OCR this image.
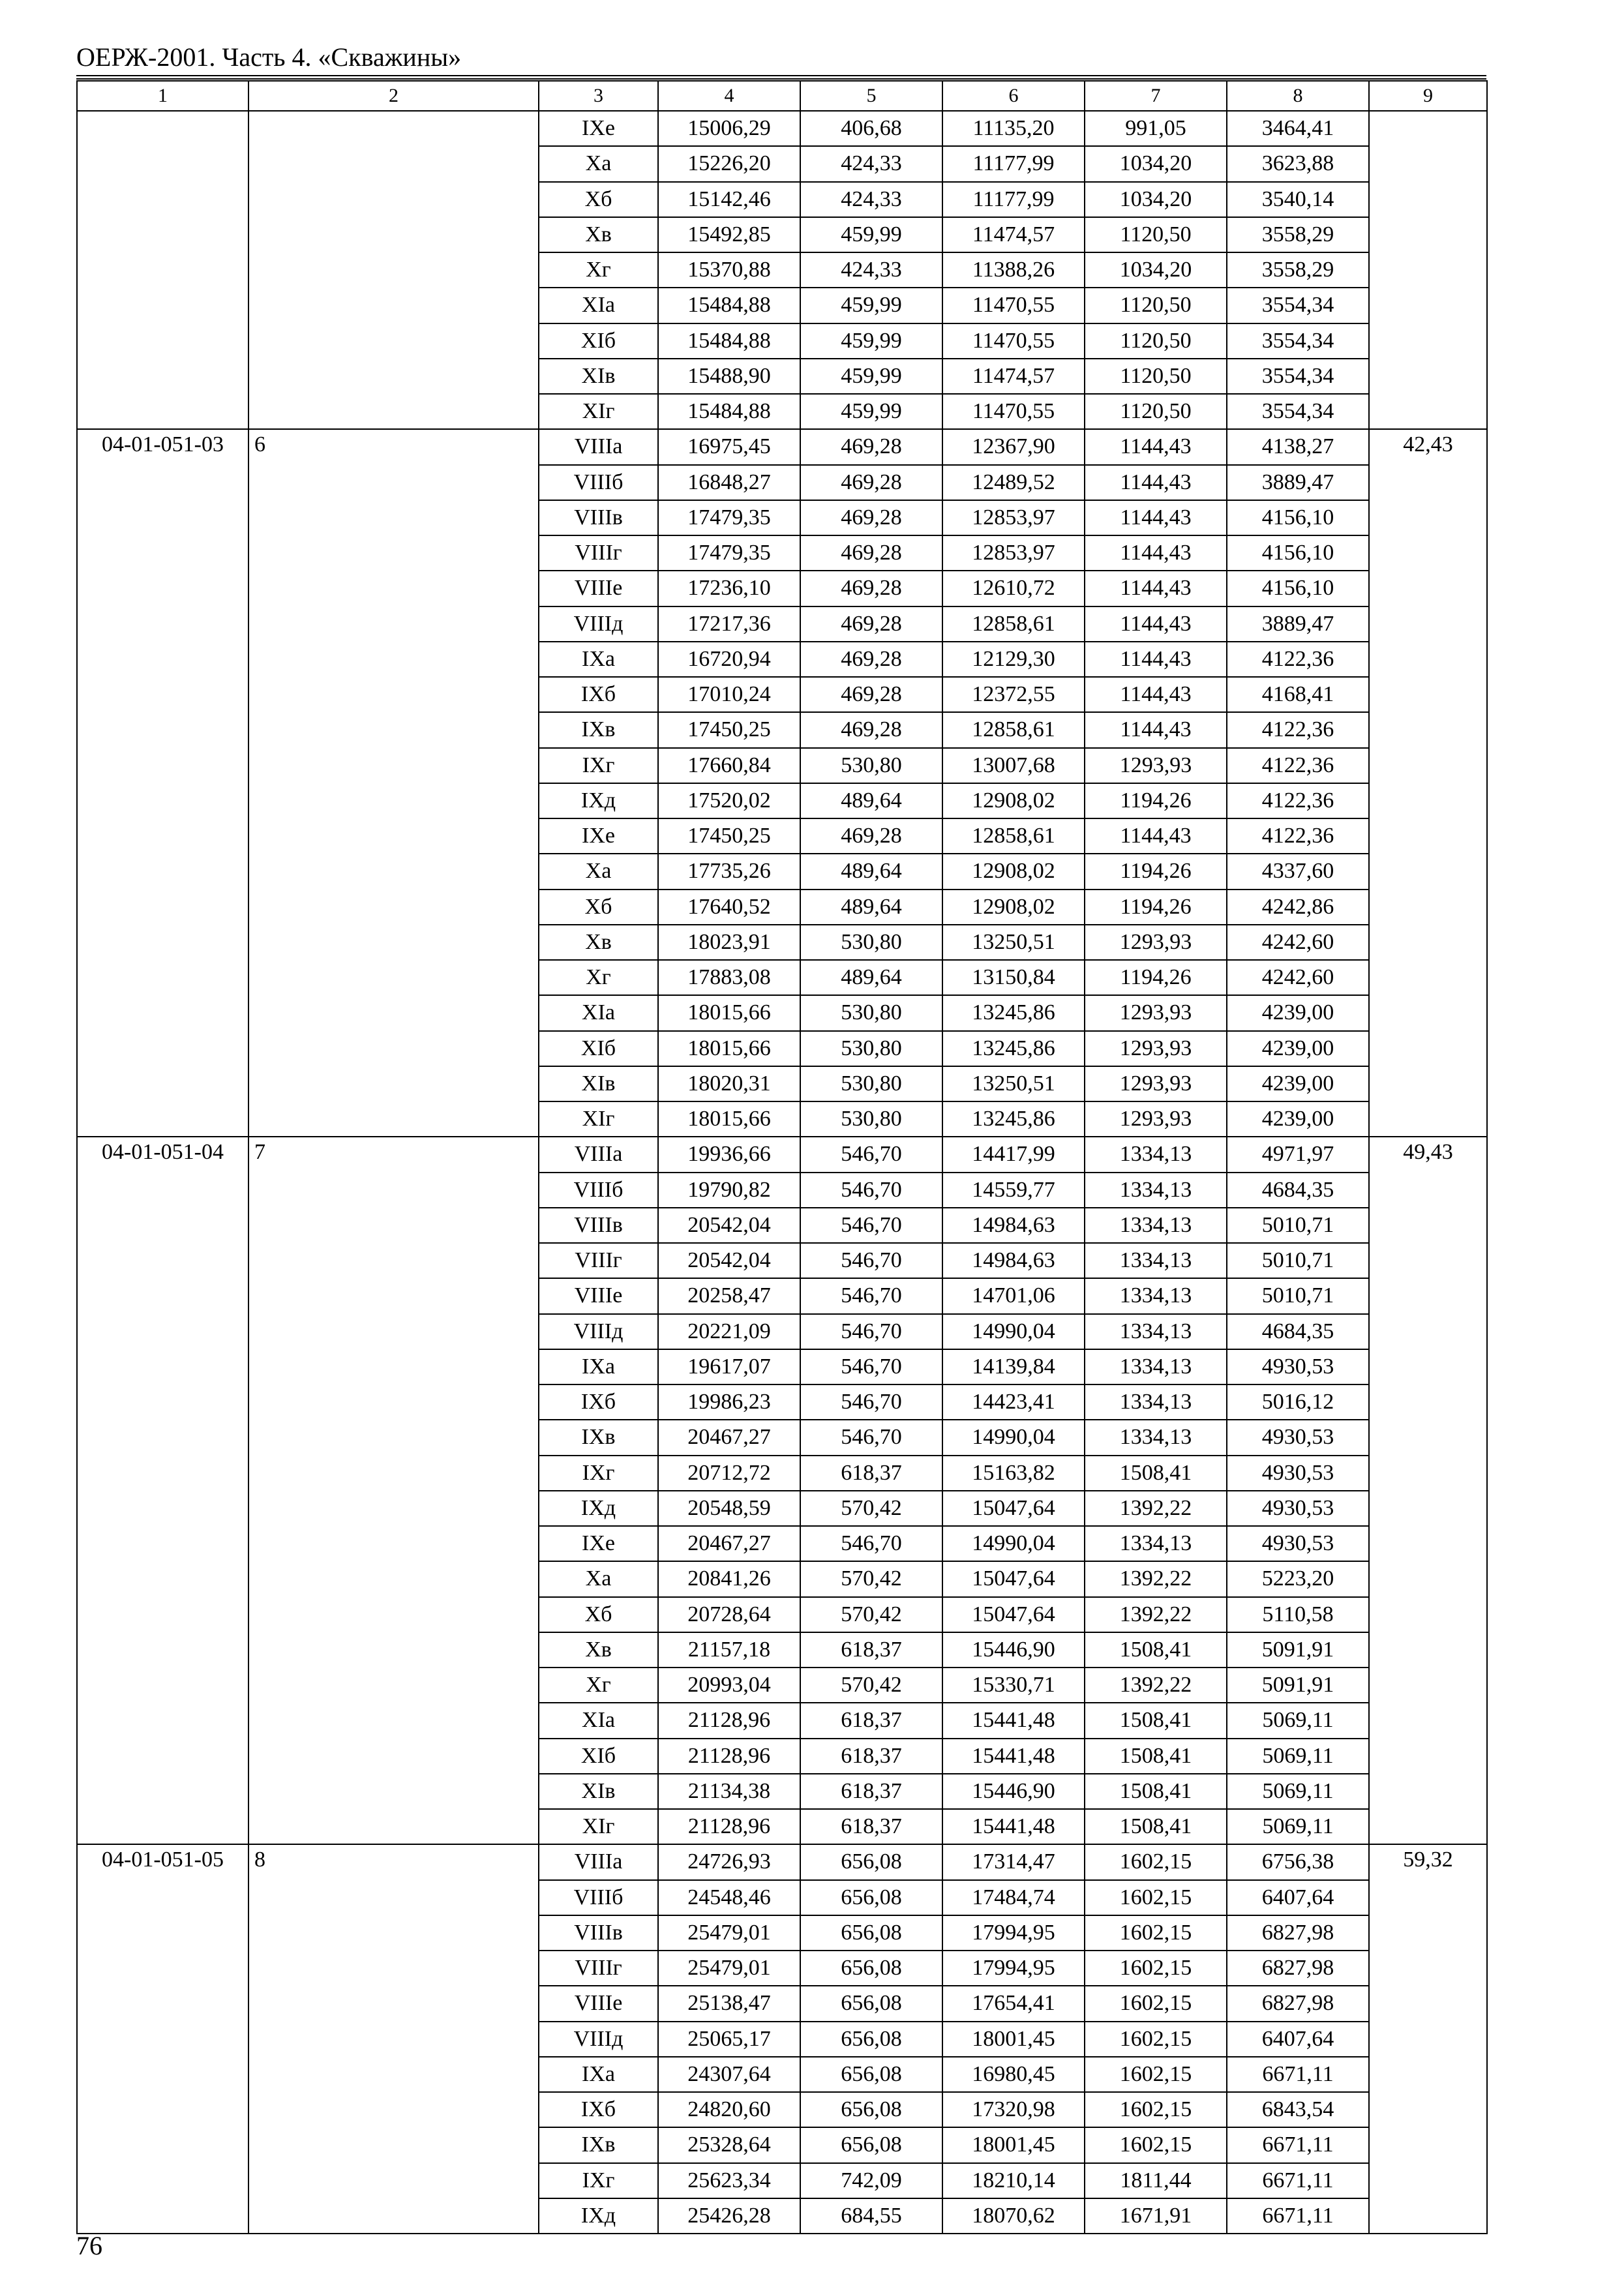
ОЕРЖ-2001. Часть 4. «Скважины»
1	2	3	4	5	6	7	8	9
		IXе	15006,29	406,68	11135,20	991,05	3464,41	
		Xа	15226,20	424,33	11177,99	1034,20	3623,88	
		Xб	15142,46	424,33	11177,99	1034,20	3540,14	
		Xв	15492,85	459,99	11474,57	1120,50	3558,29	
		Xг	15370,88	424,33	11388,26	1034,20	3558,29	
		XIа	15484,88	459,99	11470,55	1120,50	3554,34	
		XIб	15484,88	459,99	11470,55	1120,50	3554,34	
		XIв	15488,90	459,99	11474,57	1120,50	3554,34	
		XIг	15484,88	459,99	11470,55	1120,50	3554,34	
04-01-051-03	6	VIIIа	16975,45	469,28	12367,90	1144,43	4138,27	42,43
		VIIIб	16848,27	469,28	12489,52	1144,43	3889,47	
		VIIIв	17479,35	469,28	12853,97	1144,43	4156,10	
		VIIIг	17479,35	469,28	12853,97	1144,43	4156,10	
		VIIIе	17236,10	469,28	12610,72	1144,43	4156,10	
		VIIIд	17217,36	469,28	12858,61	1144,43	3889,47	
		IXа	16720,94	469,28	12129,30	1144,43	4122,36	
		IXб	17010,24	469,28	12372,55	1144,43	4168,41	
		IXв	17450,25	469,28	12858,61	1144,43	4122,36	
		IXг	17660,84	530,80	13007,68	1293,93	4122,36	
		IXд	17520,02	489,64	12908,02	1194,26	4122,36	
		IXе	17450,25	469,28	12858,61	1144,43	4122,36	
		Xа	17735,26	489,64	12908,02	1194,26	4337,60	
		Xб	17640,52	489,64	12908,02	1194,26	4242,86	
		Xв	18023,91	530,80	13250,51	1293,93	4242,60	
		Xг	17883,08	489,64	13150,84	1194,26	4242,60	
		XIа	18015,66	530,80	13245,86	1293,93	4239,00	
		XIб	18015,66	530,80	13245,86	1293,93	4239,00	
		XIв	18020,31	530,80	13250,51	1293,93	4239,00	
		XIг	18015,66	530,80	13245,86	1293,93	4239,00	
04-01-051-04	7	VIIIа	19936,66	546,70	14417,99	1334,13	4971,97	49,43
		VIIIб	19790,82	546,70	14559,77	1334,13	4684,35	
		VIIIв	20542,04	546,70	14984,63	1334,13	5010,71	
		VIIIг	20542,04	546,70	14984,63	1334,13	5010,71	
		VIIIе	20258,47	546,70	14701,06	1334,13	5010,71	
		VIIIд	20221,09	546,70	14990,04	1334,13	4684,35	
		IXа	19617,07	546,70	14139,84	1334,13	4930,53	
		IXб	19986,23	546,70	14423,41	1334,13	5016,12	
		IXв	20467,27	546,70	14990,04	1334,13	4930,53	
		IXг	20712,72	618,37	15163,82	1508,41	4930,53	
		IXд	20548,59	570,42	15047,64	1392,22	4930,53	
		IXе	20467,27	546,70	14990,04	1334,13	4930,53	
		Xа	20841,26	570,42	15047,64	1392,22	5223,20	
		Xб	20728,64	570,42	15047,64	1392,22	5110,58	
		Xв	21157,18	618,37	15446,90	1508,41	5091,91	
		Xг	20993,04	570,42	15330,71	1392,22	5091,91	
		XIа	21128,96	618,37	15441,48	1508,41	5069,11	
		XIб	21128,96	618,37	15441,48	1508,41	5069,11	
		XIв	21134,38	618,37	15446,90	1508,41	5069,11	
		XIг	21128,96	618,37	15441,48	1508,41	5069,11	
04-01-051-05	8	VIIIа	24726,93	656,08	17314,47	1602,15	6756,38	59,32
		VIIIб	24548,46	656,08	17484,74	1602,15	6407,64	
		VIIIв	25479,01	656,08	17994,95	1602,15	6827,98	
		VIIIг	25479,01	656,08	17994,95	1602,15	6827,98	
		VIIIе	25138,47	656,08	17654,41	1602,15	6827,98	
		VIIIд	25065,17	656,08	18001,45	1602,15	6407,64	
		IXа	24307,64	656,08	16980,45	1602,15	6671,11	
		IXб	24820,60	656,08	17320,98	1602,15	6843,54	
		IXв	25328,64	656,08	18001,45	1602,15	6671,11	
		IXг	25623,34	742,09	18210,14	1811,44	6671,11	
		IXд	25426,28	684,55	18070,62	1671,91	6671,11	
76
